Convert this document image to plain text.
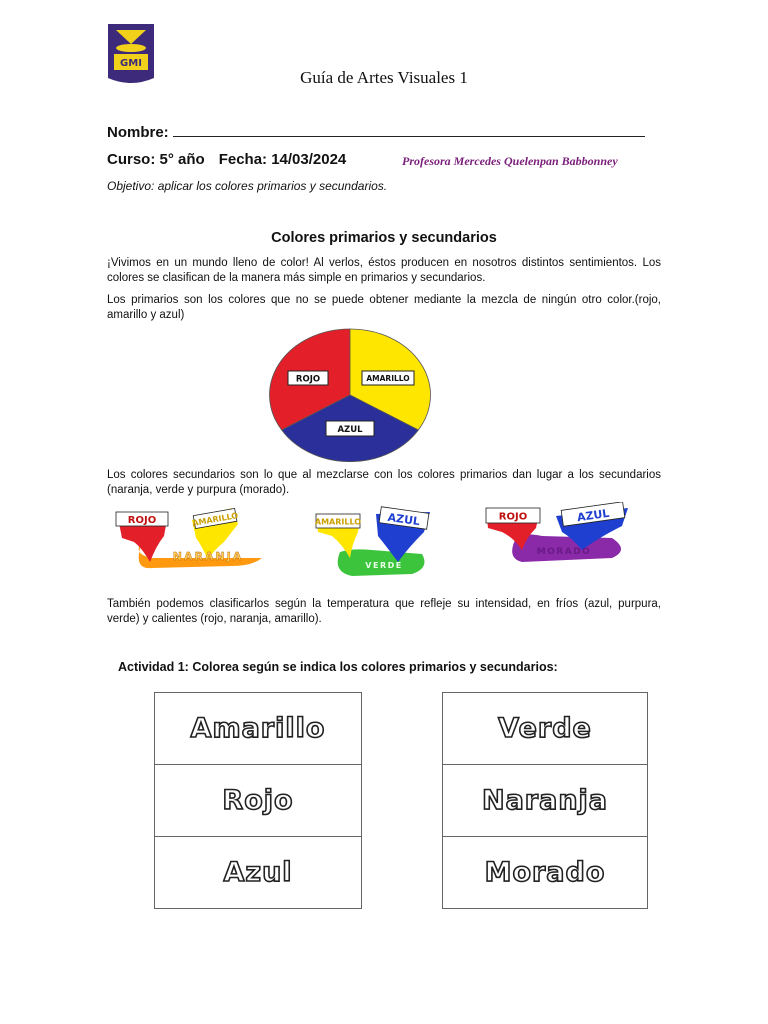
GMI
Guía de Artes Visuales 1
Nombre:
Curso: 5° año Fecha: 14/03/2024	Profesora Mercedes Quelenpan Babbonney
Objetivo: aplicar los colores primarios y secundarios.
Colores primarios y secundarios
¡Vivimos en un mundo lleno de color! Al verlos, éstos producen en nosotros distintos sentimientos. Los colores se clasifican de la manera más simple en primarios y secundarios.
Los primarios son los colores que no se puede obtener mediante la mezcla de ningún otro color.(rojo, amarillo y azul)
ROJO	AMARILLO
AZUL
Los colores secundarios son lo que al mezclarse con los colores primarios dan lugar a los secundarios (naranja, verde y purpura (morado).
ROJO	AMARILLO
NARANJA
AMARILLO AZUL
VERDE
ROJO	AZUL
MORADO
También podemos clasificarlos según la temperatura que refleje su intensidad, en fríos (azul, purpura, verde) y calientes (rojo, naranja, amarillo).
Actividad 1: Colorea según se indica los colores primarios y secundarios:
Amarillo
Rojo
Azul
Verde
Naranja
Morado
